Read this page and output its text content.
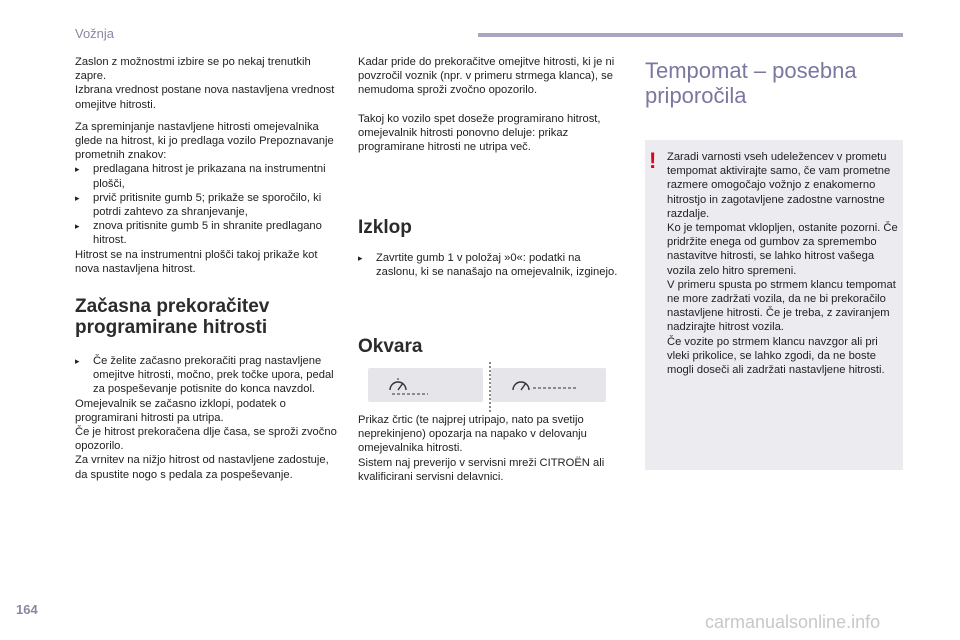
Vožnja

Zaslon z možnostmi izbire se po nekaj trenutkih zapre.
Izbrana vrednost postane nova nastavljena vrednost omejitve hitrosti.

Za spreminjanje nastavljene hitrosti omejevalnika glede na hitrost, ki jo predlaga vozilo Prepoznavanje prometnih znakov:

▸ predlagana hitrost je prikazana na instrumentni plošči,
▸ prvič pritisnite gumb 5; prikaže se sporočilo, ki potrdi zahtevo za shranjevanje,
▸ znova pritisnite gumb 5 in shranite predlagano hitrost.

Hitrost se na instrumentni plošči takoj prikaže kot nova nastavljena hitrost.

Začasna prekoračitev programirane hitrosti
▸ Če želite začasno prekoračiti prag nastavljene omejitve hitrosti, močno, prek točke upora, pedal za pospeševanje potisnite do konca navzdol.

Omejevalnik se začasno izklopi, podatek o programirani hitrosti pa utripa.
Če je hitrost prekoračena dlje časa, se sproži zvočno opozorilo.
Za vrnitev na nižjo hitrost od nastavljene zadostuje, da spustite nogo s pedala za pospeševanje.

Kadar pride do prekoračitve omejitve hitrosti, ki je ni povzročil voznik (npr. v primeru strmega klanca), se nemudoma sproži zvočno opozorilo.

Takoj ko vozilo spet doseže programirano hitrost, omejevalnik hitrosti ponovno deluje: prikaz programirane hitrosti ne utripa več.

Izklop
▸ Zavrtite gumb 1 v položaj »0«: podatki na zaslonu, ki se nanašajo na omejevalnik, izginejo.
Okvara

Prikaz črtic (te najprej utripajo, nato pa svetijo neprekinjeno) opozarja na napako v delovanju omejevalnika hitrosti.
Sistem naj preverijo v servisni mreži CITROËN ali kvalificirani servisni delavnici.

Tempomat – posebna priporočila
! Zaradi varnosti vseh udeležencev v prometu tempomat aktivirajte samo, če vam prometne razmere omogočajo vožnjo z enakomerno hitrostjo in zagotavljene zadostne varnostne razdalje.
Ko je tempomat vklopljen, ostanite pozorni. Če pridržite enega od gumbov za spremembo nastavitve hitrosti, se lahko hitrost vašega vozila zelo hitro spremeni.
V primeru spusta po strmem klancu tempomat ne more zadržati vozila, da ne bi prekoračilo nastavljene hitrosti. Če je treba, z zaviranjem nadzirajte hitrost vozila.
Če vozite po strmem klancu navzgor ali pri vleki prikolice, se lahko zgodi, da ne boste mogli doseči ali zadržati nastavljene hitrosti.
164
carmanualsonline.info
